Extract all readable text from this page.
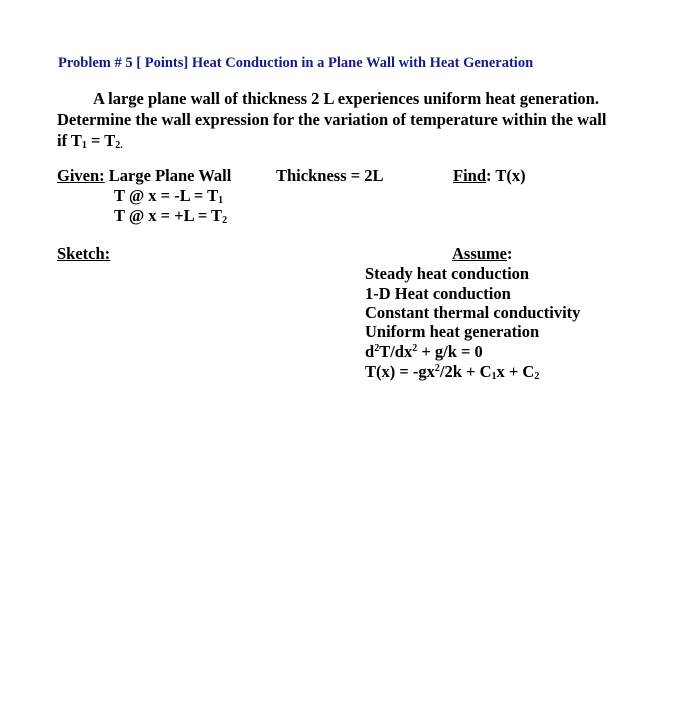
Problem # 5 [ Points] Heat Conduction in a Plane Wall with Heat Generation
A large plane wall of thickness 2 L experiences uniform heat generation.
Determine the wall expression for the variation of temperature within the wall
if $T_1 = T_{2.}$
Given: Large Plane Wall
T @ $x = -L = T_1$
T @ $x = +L = T_2$
Thickness = 2L	Find: T(x)
Sketch:	Assume:
Steady heat conduction
1-D Heat conduction
Constant thermal conductivity
Uniform heat generation
$d^2T/dx^2 + g/k = 0$
$T(x) = -gx^2/2k + C_1x + C_2$
